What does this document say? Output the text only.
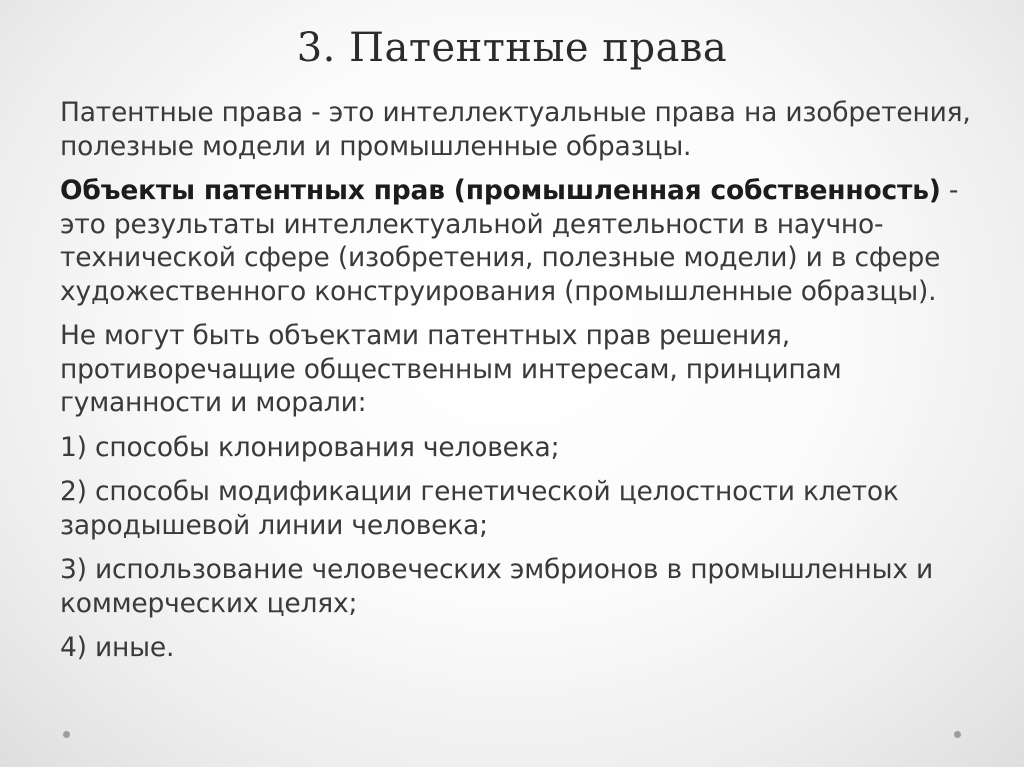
3. Патентные права

Патентные права - это интеллектуальные права на изобретения, полезные модели и промышленные образцы.

Объекты патентных прав (промышленная собственность) - это результаты интеллектуальной деятельности в научно-технической сфере (изобретения, полезные модели) и в сфере художественного конструирования (промышленные образцы).

Не могут быть объектами патентных прав решения, противоречащие общественным интересам, принципам гуманности и морали:

1) способы клонирования человека;

2) способы модификации генетической целостности клеток зародышевой линии человека;

3) использование человеческих эмбрионов в промышленных и коммерческих целях;

4) иные.
